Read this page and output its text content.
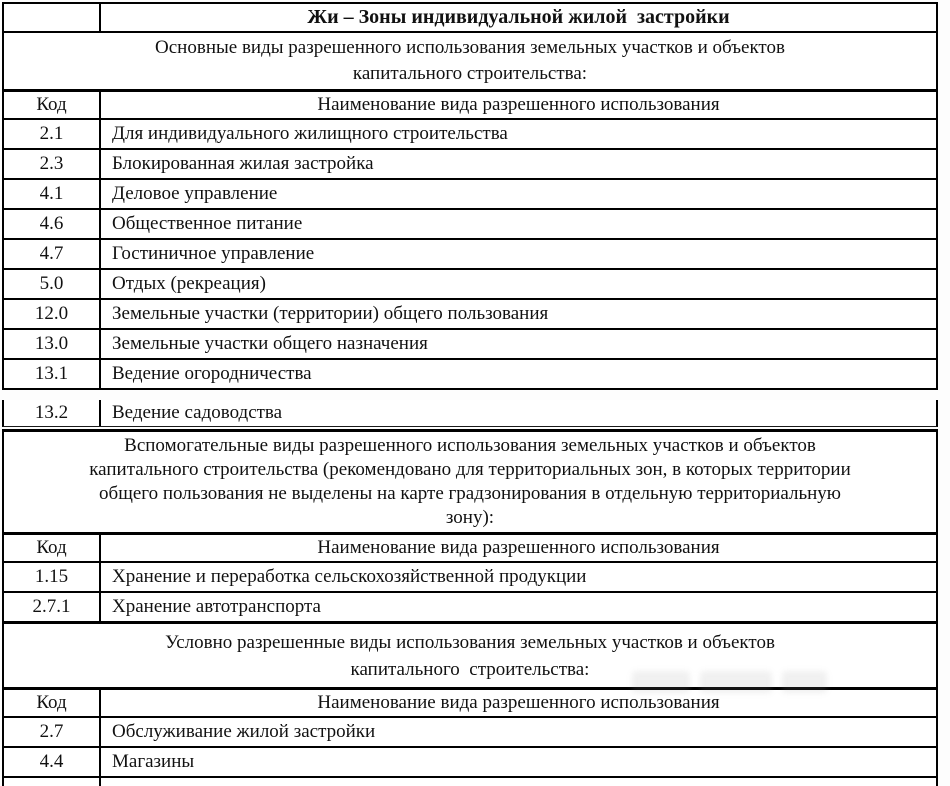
Жи – Зоны индивидуальной жилой  застройки
Основные виды разрешенного использования земельных участков и объектов
капитального строительства:
Код	Наименование вида разрешенного использования
2.1	Для индивидуального жилищного строительства
2.3	Блокированная жилая застройка
4.1	Деловое управление
4.6	Общественное питание
4.7	Гостиничное управление
5.0	Отдых (рекреация)
12.0	Земельные участки (территории) общего пользования
13.0	Земельные участки общего назначения
13.1	Ведение огородничества
13.2	Ведение садоводства
Вспомогательные виды разрешенного использования земельных участков и объектов
капитального строительства (рекомендовано для территориальных зон, в которых территории
общего пользования не выделены на карте градзонирования в отдельную территориальную
зону):
Код	Наименование вида разрешенного использования
1.15	Хранение и переработка сельскохозяйственной продукции
2.7.1	Хранение автотранспорта
Условно разрешенные виды использования земельных участков и объектов
капитального  строительства:
Код	Наименование вида разрешенного использования
2.7	Обслуживание жилой застройки
4.4	Магазины
